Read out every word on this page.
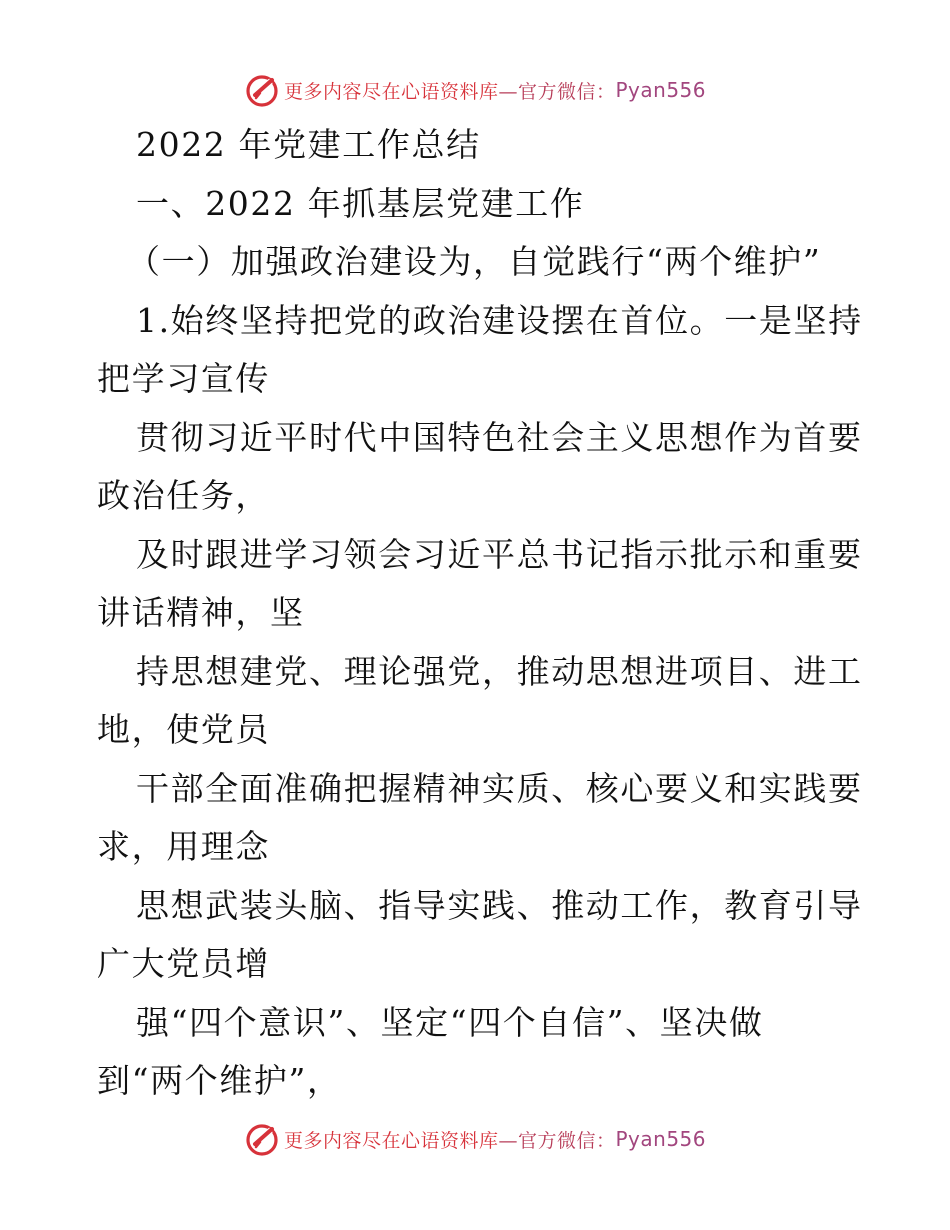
更多内容尽在心语资料库 —官方微信： Pyan556

2022 年党建工作总结

一、2022 年抓基层党建工作

（一）加强政治建设为，自觉践行“两个维护”

1.始终坚持把党的政治建设摆在首位。一是坚持

把学习宣传

贯彻习近平时代中国特色社会主义思想作为首要

政治任务，

及时跟进学习领会习近平总书记指示批示和重要

讲话精神，坚

持思想建党、理论强党，推动思想进项目、进工

地，使党员

干部全面准确把握精神实质、核心要义和实践要

求，用理念

思想武装头脑、指导实践、推动工作，教育引导

广大党员增

强“四个意识”、坚定“四个自信”、坚决做

到“两个维护”，

更多内容尽在心语资料库 —官方微信： Pyan556
